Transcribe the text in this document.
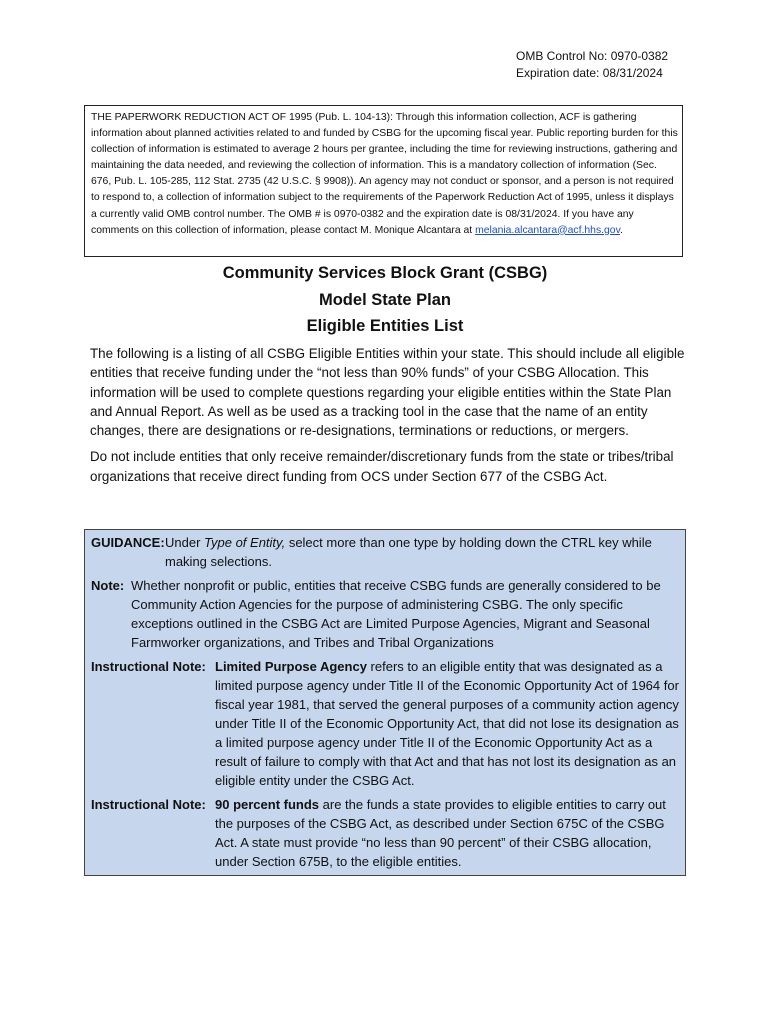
OMB Control No: 0970-0382
Expiration date: 08/31/2024
THE PAPERWORK REDUCTION ACT OF 1995 (Pub. L. 104-13): Through this information collection, ACF is gathering information about planned activities related to and funded by CSBG for the upcoming fiscal year. Public reporting burden for this collection of information is estimated to average 2 hours per grantee, including the time for reviewing instructions, gathering and maintaining the data needed, and reviewing the collection of information. This is a mandatory collection of information (Sec. 676, Pub. L. 105-285, 112 Stat. 2735 (42 U.S.C. § 9908)). An agency may not conduct or sponsor, and a person is not required to respond to, a collection of information subject to the requirements of the Paperwork Reduction Act of 1995, unless it displays a currently valid OMB control number. The OMB # is 0970-0382 and the expiration date is 08/31/2024. If you have any comments on this collection of information, please contact M. Monique Alcantara at melania.alcantara@acf.hhs.gov.
Community Services Block Grant (CSBG)
Model State Plan
Eligible Entities List

The following is a listing of all CSBG Eligible Entities within your state. This should include all eligible entities that receive funding under the “not less than 90% funds” of your CSBG Allocation. This information will be used to complete questions regarding your eligible entities within the State Plan and Annual Report. As well as be used as a tracking tool in the case that the name of an entity changes, there are designations or re-designations, terminations or reductions, or mergers.

Do not include entities that only receive remainder/discretionary funds from the state or tribes/tribal organizations that receive direct funding from OCS under Section 677 of the CSBG Act.

GUIDANCE: Under Type of Entity, select more than one type by holding down the CTRL key while making selections.
Note: Whether nonprofit or public, entities that receive CSBG funds are generally considered to be Community Action Agencies for the purpose of administering CSBG. The only specific exceptions outlined in the CSBG Act are Limited Purpose Agencies, Migrant and Seasonal Farmworker organizations, and Tribes and Tribal Organizations
Instructional Note: Limited Purpose Agency refers to an eligible entity that was designated as a limited purpose agency under Title II of the Economic Opportunity Act of 1964 for fiscal year 1981, that served the general purposes of a community action agency under Title II of the Economic Opportunity Act, that did not lose its designation as a limited purpose agency under Title II of the Economic Opportunity Act as a result of failure to comply with that Act and that has not lost its designation as an eligible entity under the CSBG Act.
Instructional Note: 90 percent funds are the funds a state provides to eligible entities to carry out the purposes of the CSBG Act, as described under Section 675C of the CSBG Act. A state must provide “no less than 90 percent” of their CSBG allocation, under Section 675B, to the eligible entities.
